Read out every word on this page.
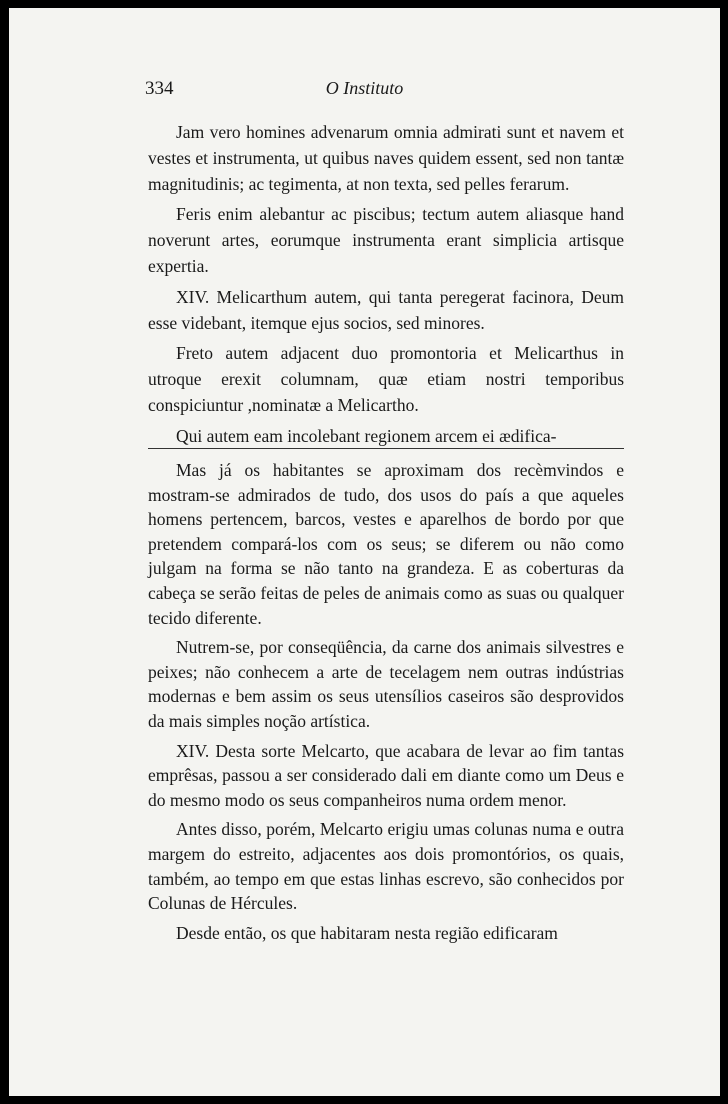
334	O Instituto

Jam vero homines advenarum omnia admirati sunt et navem et vestes et instrumenta, ut quibus naves quidem essent, sed non tantæ magnitudinis; ac tegimenta, at non texta, sed pelles ferarum.

Feris enim alebantur ac piscibus; tectum autem aliasque hand noverunt artes, eorumque instrumenta erant simplicia artisque expertia.

XIV. Melicarthum autem, qui tanta peregerat facinora, Deum esse videbant, itemque ejus socios, sed minores.

Freto autem adjacent duo promontoria et Melicarthus in utroque erexit columnam, quæ etiam nostri temporibus conspiciuntur ,nominatæ a Melicartho.

Qui autem eam incolebant regionem arcem ei ædifica-

Mas já os habitantes se aproximam dos recèmvindos e mostram-se admirados de tudo, dos usos do país a que aqueles homens pertencem, barcos, vestes e aparelhos de bordo por que pretendem compará-los com os seus; se diferem ou não como julgam na forma se não tanto na grandeza. E as coberturas da cabeça se serão feitas de peles de animais como as suas ou qualquer tecido diferente.

Nutrem-se, por conseqüência, da carne dos animais silvestres e peixes; não conhecem a arte de tecelagem nem outras indústrias modernas e bem assim os seus utensílios caseiros são desprovidos da mais simples noção artística.

XIV. Desta sorte Melcarto, que acabara de levar ao fim tantas emprêsas, passou a ser considerado dali em diante como um Deus e do mesmo modo os seus companheiros numa ordem menor.

Antes disso, porém, Melcarto erigiu umas colunas numa e outra margem do estreito, adjacentes aos dois promontórios, os quais, também, ao tempo em que estas linhas escrevo, são conhecidos por Colunas de Hércules.

Desde então, os que habitaram nesta região edificaram
